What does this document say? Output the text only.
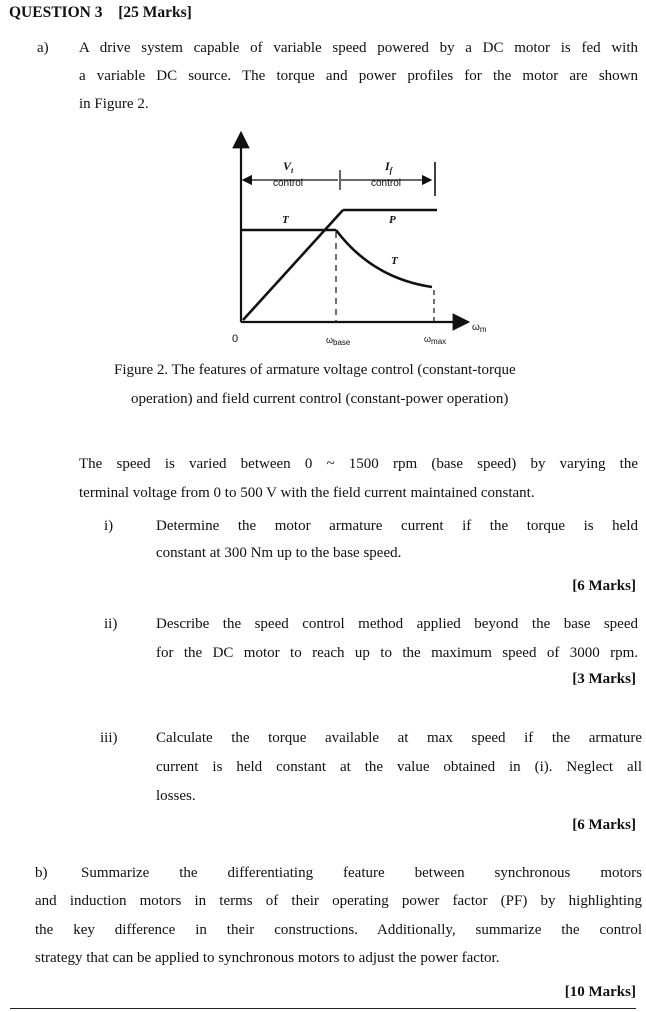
QUESTION 3 [25 Marks]
a) A drive system capable of variable speed powered by a DC motor is fed with
a variable DC source. The torque and power profiles for the motor are shown
in Figure 2.
$V_t$
control
$I_f$
control
T	P
T
0	ωbase	ωmax
$\omega_m$
Figure 2. The features of armature voltage control (constant-torque
operation) and field current control (constant-power operation)
The speed is varied between 0 ~ 1500 rpm (base speed) by varying the
terminal voltage from 0 to 500 V with the field current maintained constant.
i)	Determine the motor armature current if the torque is held
constant at 300 Nm up to the base speed.
[6 Marks]
ii)	Describe the speed control method applied beyond the base speed
for the DC motor to reach up to the maximum speed of 3000 rpm.
[3 Marks]
iii)	Calculate the torque available at max speed if the armature
current is held constant at the value obtained in (i). Neglect all
losses.
[6 Marks]
b) Summarize the differentiating feature between synchronous motors
and induction motors in terms of their operating power factor (PF) by highlighting
the key difference in their constructions. Additionally, summarize the control
strategy that can be applied to synchronous motors to adjust the power factor.
[10 Marks]
